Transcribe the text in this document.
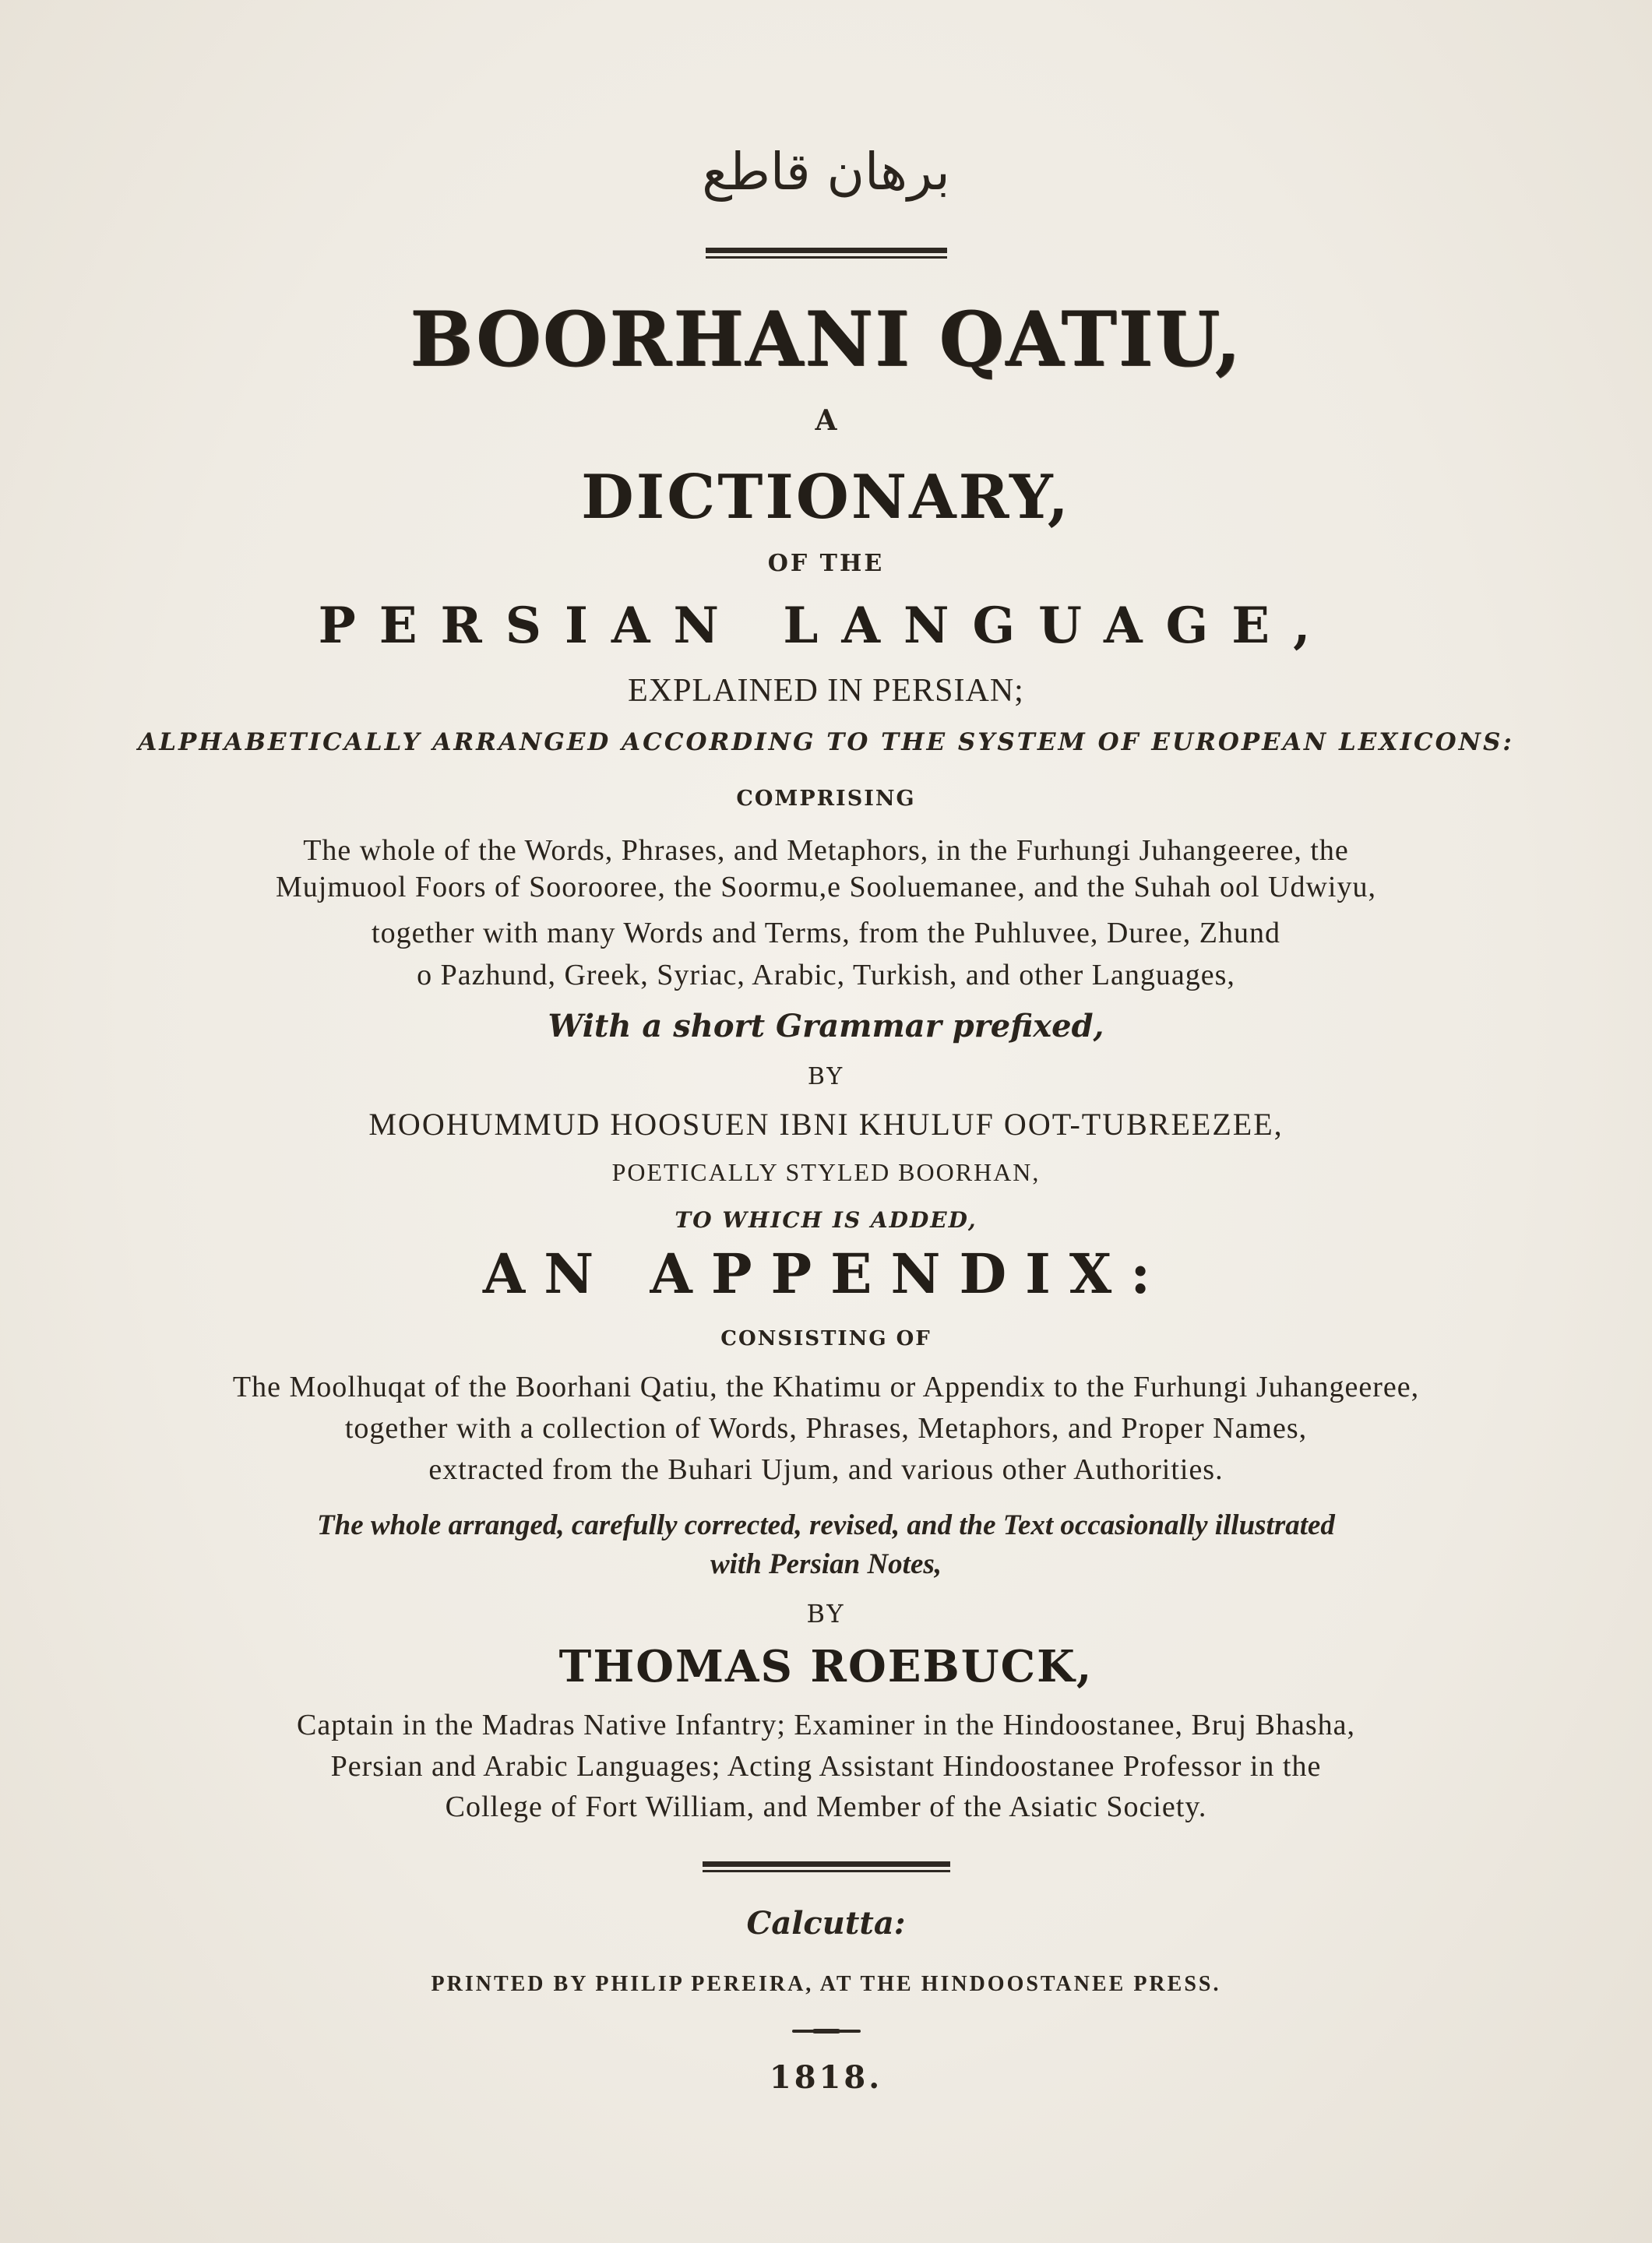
برهان قاطع
BOORHANI QATIU,
A
DICTIONARY,
OF THE
PERSIAN LANGUAGE,
EXPLAINED IN PERSIAN;
ALPHABETICALLY ARRANGED ACCORDING TO THE SYSTEM OF EUROPEAN LEXICONS:
COMPRISING
The whole of the Words, Phrases, and Metaphors, in the Furhungi Juhangeeree, the
Mujmuool Foors of Soorooree, the Soormu,e Sooluemanee, and the Suhah ool Udwiyu,
together with many Words and Terms, from the Puhluvee, Duree, Zhund
o Pazhund, Greek, Syriac, Arabic, Turkish, and other Languages,
With a short Grammar prefixed,
BY
MOOHUMMUD HOOSUEN IBNI KHULUF OOT-TUBREEZEE,
POETICALLY STYLED BOORHAN,
TO WHICH IS ADDED,
AN APPENDIX:
CONSISTING OF
The Moolhuqat of the Boorhani Qatiu, the Khatimu or Appendix to the Furhungi Juhangeeree,
together with a collection of Words, Phrases, Metaphors, and Proper Names,
extracted from the Buhari Ujum, and various other Authorities.
The whole arranged, carefully corrected, revised, and the Text occasionally illustrated
with Persian Notes,
BY
THOMAS ROEBUCK,
Captain in the Madras Native Infantry; Examiner in the Hindoostanee, Bruj Bhasha,
Persian and Arabic Languages; Acting Assistant Hindoostanee Professor in the
College of Fort William, and Member of the Asiatic Society.
Calcutta:
PRINTED BY PHILIP PEREIRA, AT THE HINDOOSTANEE PRESS.
1818.
